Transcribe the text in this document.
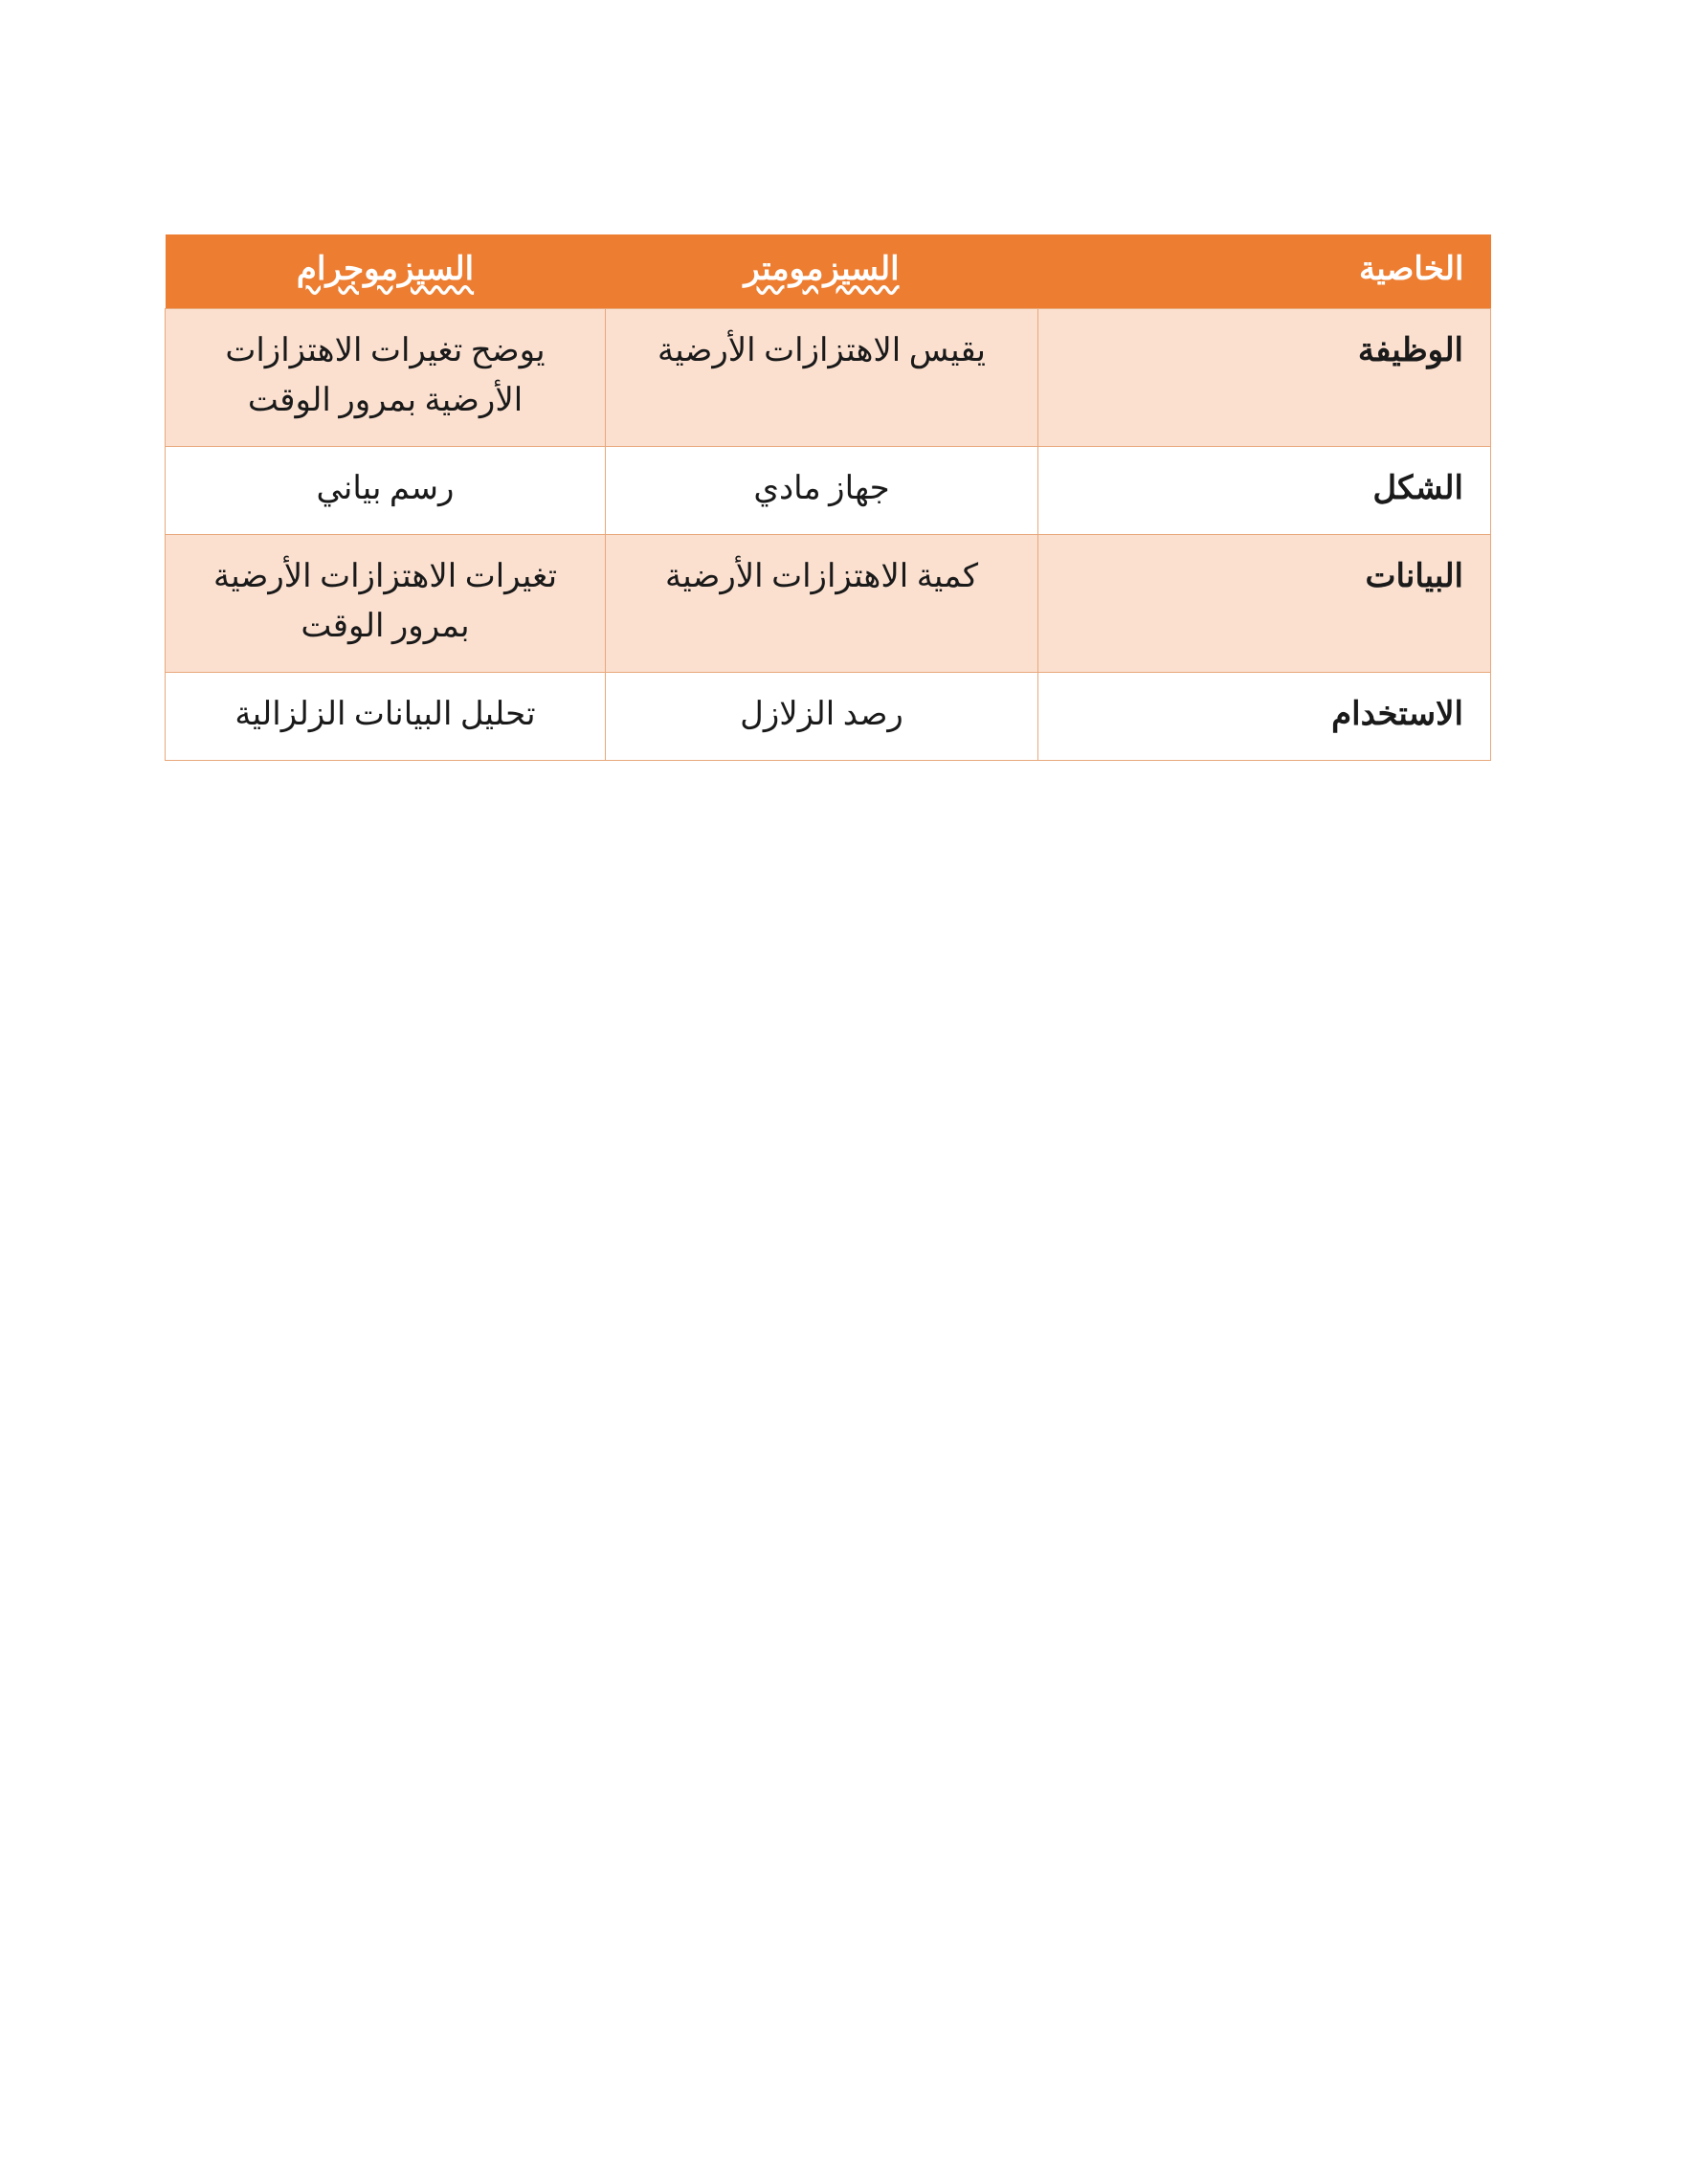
الخاصية		السيزمومتر	السيزموجرام
الوظيفة		يقيس الاهتزازات الأرضية	يوضح تغيرات الاهتزازات الأرضية بمرور الوقت
الشكل		جهاز مادي	رسم بياني
البيانات		كمية الاهتزازات الأرضية	تغيرات الاهتزازات الأرضية بمرور الوقت
الاستخدام		رصد الزلازل	تحليل البيانات الزلزالية
